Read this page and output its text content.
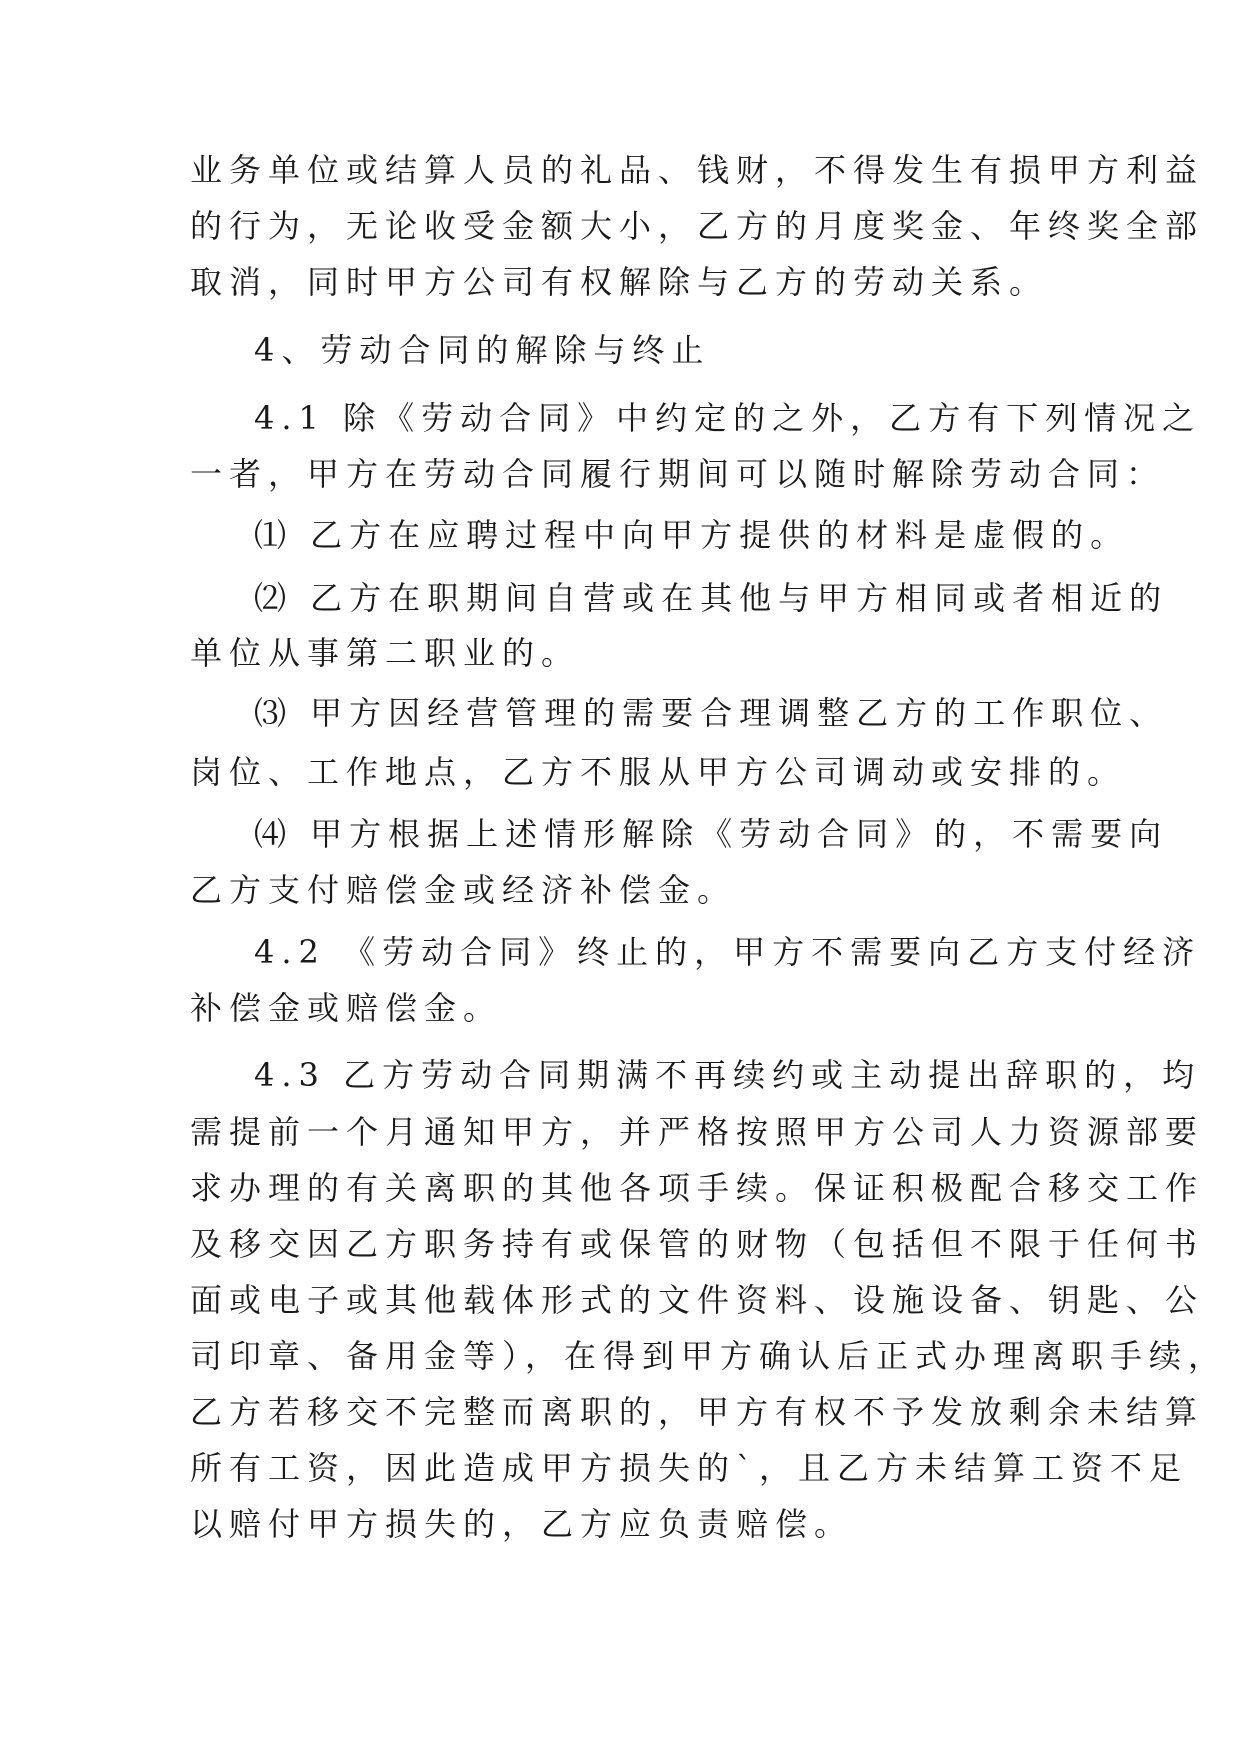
业务单位或结算人员的礼品、钱财，不得发生有损甲方利益

的行为，无论收受金额大小，乙方的月度奖金、年终奖全部

取消，同时甲方公司有权解除与乙方的劳动关系。

4、劳动合同的解除与终止

4.1 除《劳动合同》中约定的之外，乙方有下列情况之

一者，甲方在劳动合同履行期间可以随时解除劳动合同：

⑴ 乙方在应聘过程中向甲方提供的材料是虚假的。

⑵ 乙方在职期间自营或在其他与甲方相同或者相近的

单位从事第二职业的。

⑶ 甲方因经营管理的需要合理调整乙方的工作职位、

岗位、工作地点，乙方不服从甲方公司调动或安排的。

⑷ 甲方根据上述情形解除《劳动合同》的，不需要向

乙方支付赔偿金或经济补偿金。

4.2 《劳动合同》终止的，甲方不需要向乙方支付经济

补偿金或赔偿金。

4.3 乙方劳动合同期满不再续约或主动提出辞职的，均

需提前一个月通知甲方，并严格按照甲方公司人力资源部要

求办理的有关离职的其他各项手续。保证积极配合移交工作

及移交因乙方职务持有或保管的财物（包括但不限于任何书

面或电子或其他载体形式的文件资料、设施设备、钥匙、公

司印章、备用金等），在得到甲方确认后正式办理离职手续，

乙方若移交不完整而离职的，甲方有权不予发放剩余未结算

所有工资，因此造成甲方损失的`，且乙方未结算工资不足

以赔付甲方损失的，乙方应负责赔偿。
